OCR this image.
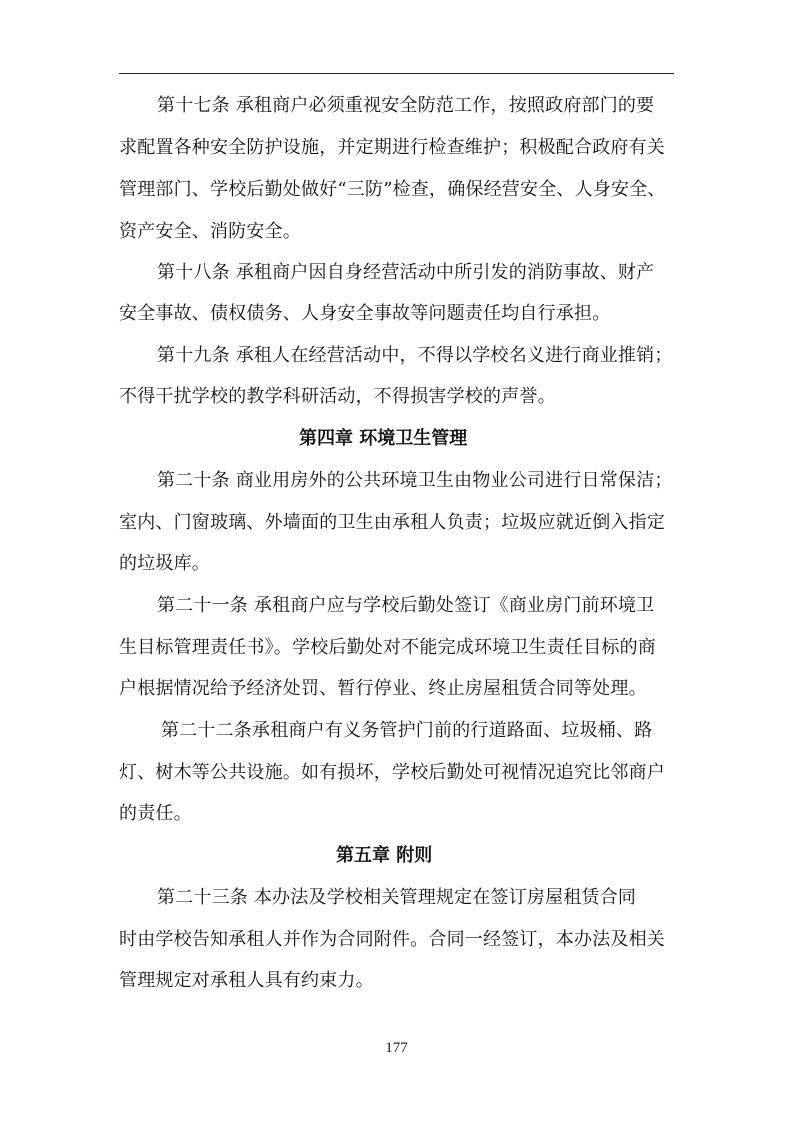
第十七条 承租商户必须重视安全防范工作，按照政府部门的要
求配置各种安全防护设施，并定期进行检查维护；积极配合政府有关
管理部门、学校后勤处做好“三防”检查，确保经营安全、人身安全、
资产安全、消防安全。
第十八条 承租商户因自身经营活动中所引发的消防事故、财产
安全事故、债权债务、人身安全事故等问题责任均自行承担。
第十九条 承租人在经营活动中，不得以学校名义进行商业推销；
不得干扰学校的教学科研活动，不得损害学校的声誉。
第四章 环境卫生管理
第二十条 商业用房外的公共环境卫生由物业公司进行日常保洁；
室内、门窗玻璃、外墙面的卫生由承租人负责；垃圾应就近倒入指定
的垃圾库。
第二十一条 承租商户应与学校后勤处签订《商业房门前环境卫
生目标管理责任书》。学校后勤处对不能完成环境卫生责任目标的商
户根据情况给予经济处罚、暂行停业、终止房屋租赁合同等处理。
第二十二条承租商户有义务管护门前的行道路面、垃圾桶、路
灯、树木等公共设施。如有损坏，学校后勤处可视情况追究比邻商户
的责任。
第五章 附则
第二十三条 本办法及学校相关管理规定在签订房屋租赁合同
时由学校告知承租人并作为合同附件。合同一经签订，本办法及相关
管理规定对承租人具有约束力。
177
